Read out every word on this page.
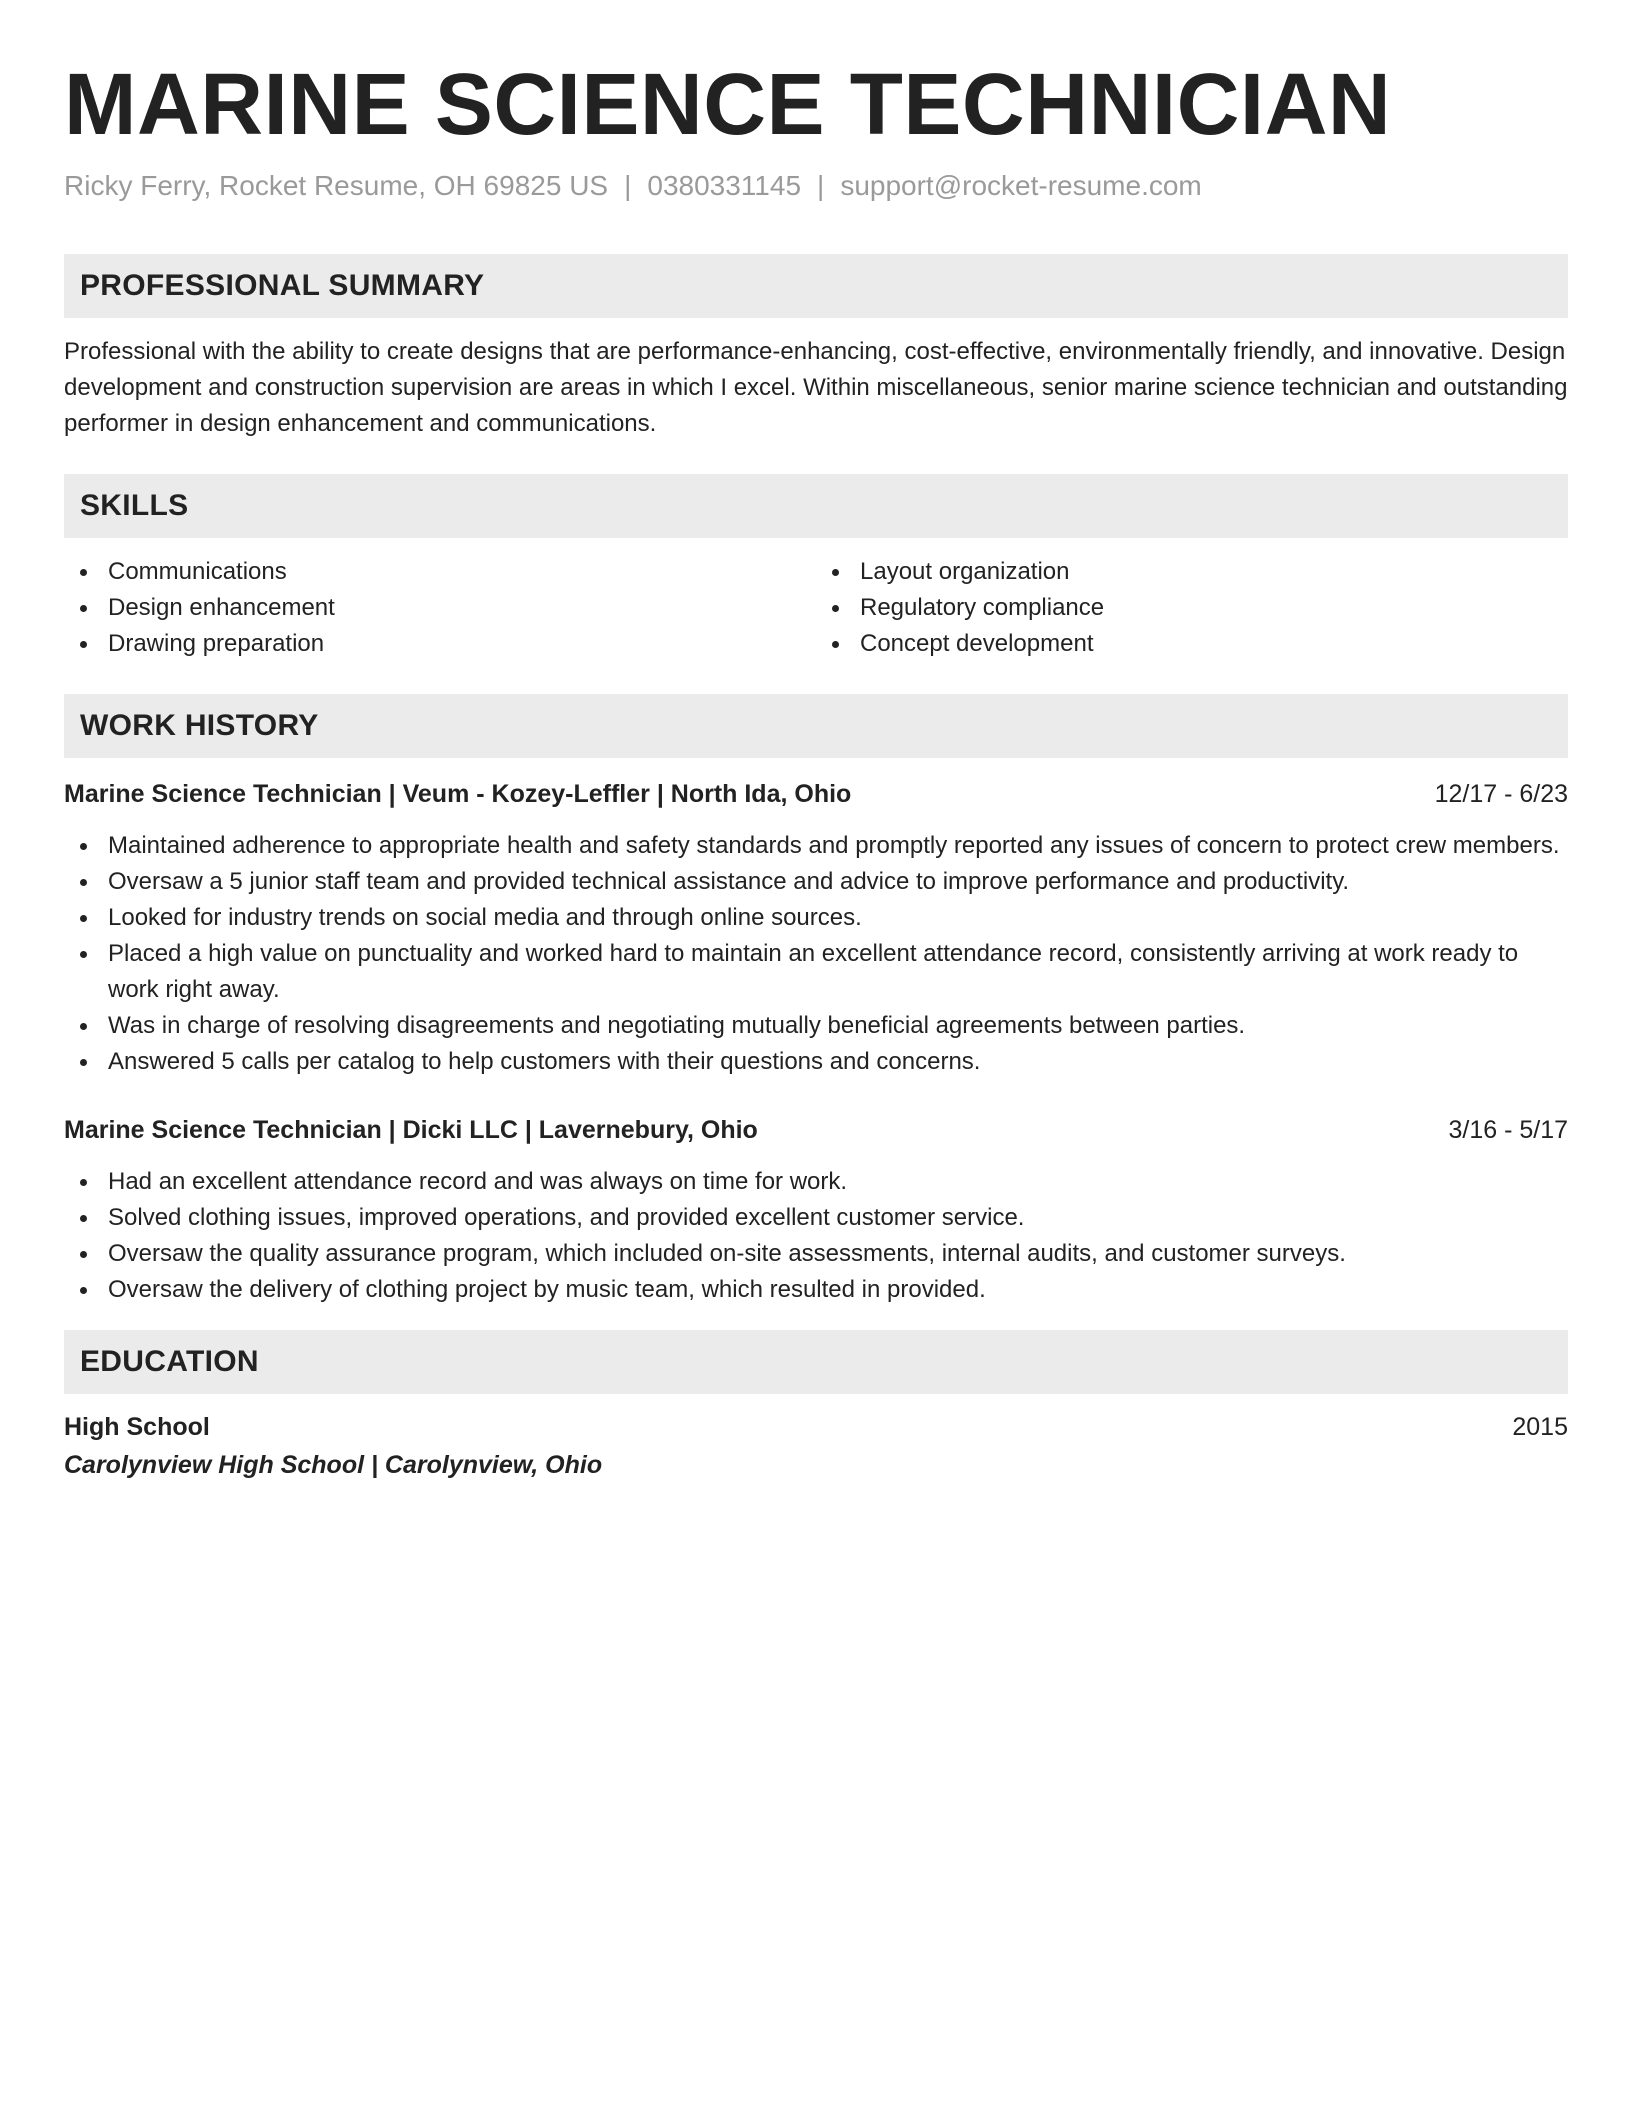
MARINE SCIENCE TECHNICIAN
Ricky Ferry, Rocket Resume, OH 69825 US | 0380331145 | support@rocket-resume.com
PROFESSIONAL SUMMARY

Professional with the ability to create designs that are performance-enhancing, cost-effective, environmentally friendly, and innovative. Design development and construction supervision are areas in which I excel. Within miscellaneous, senior marine science technician and outstanding performer in design enhancement and communications.

SKILLS
Communications
Design enhancement
Drawing preparation
Layout organization
Regulatory compliance
Concept development
WORK HISTORY
Marine Science Technician | Veum - Kozey-Leffler | North Ida, Ohio	12/17 - 6/23
Maintained adherence to appropriate health and safety standards and promptly reported any issues of concern to protect crew members.
Oversaw a 5 junior staff team and provided technical assistance and advice to improve performance and productivity.
Looked for industry trends on social media and through online sources.
Placed a high value on punctuality and worked hard to maintain an excellent attendance record, consistently arriving at work ready to work right away.
Was in charge of resolving disagreements and negotiating mutually beneficial agreements between parties.
Answered 5 calls per catalog to help customers with their questions and concerns.
Marine Science Technician | Dicki LLC | Lavernebury, Ohio	3/16 - 5/17
Had an excellent attendance record and was always on time for work.
Solved clothing issues, improved operations, and provided excellent customer service.
Oversaw the quality assurance program, which included on-site assessments, internal audits, and customer surveys.
Oversaw the delivery of clothing project by music team, which resulted in provided.
EDUCATION
High School	2015
Carolynview High School | Carolynview, Ohio
